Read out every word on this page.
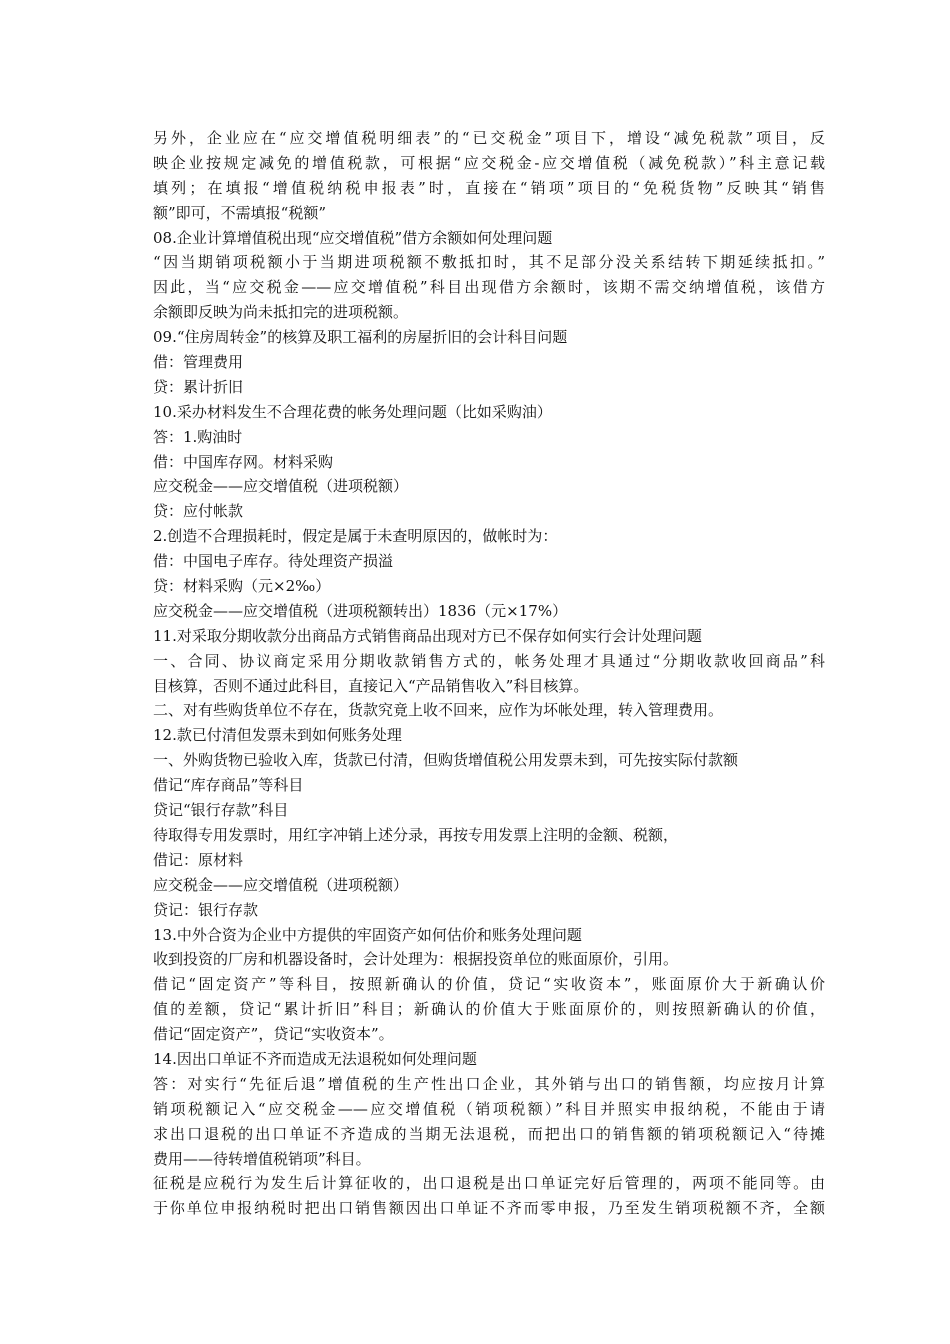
另外，企业应在“应交增值税明细表”的“已交税金”项目下，增设“减免税款”项目，反
映企业按规定减免的增值税款，可根据“应交税金-应交增值税（减免税款）”科主意记载
填列；在填报“增值税纳税申报表”时，直接在“销项”项目的“免税货物”反映其“销售
额”即可，不需填报“税额”
08.企业计算增值税出现“应交增值税”借方余额如何处理问题
“因当期销项税额小于当期进项税额不敷抵扣时，其不足部分没关系结转下期延续抵扣。”
因此，当“应交税金——应交增值税”科目出现借方余额时，该期不需交纳增值税，该借方
余额即反映为尚未抵扣完的进项税额。
09.“住房周转金”的核算及职工福利的房屋折旧的会计科目问题
借：管理费用
贷：累计折旧
10.采办材料发生不合理花费的帐务处理问题（比如采购油）
答：1.购油时
借：中国库存网。材料采购
应交税金——应交增值税（进项税额）
贷：应付帐款
2.创造不合理损耗时，假定是属于未查明原因的，做帐时为：
借：中国电子库存。待处理资产损溢
贷：材料采购（元×2‰）
应交税金——应交增值税（进项税额转出）1836（元×17%）
11.对采取分期收款分出商品方式销售商品出现对方已不保存如何实行会计处理问题
一、合同、协议商定采用分期收款销售方式的，帐务处理才具通过“分期收款收回商品”科
目核算，否则不通过此科目，直接记入“产品销售收入”科目核算。
二、对有些购货单位不存在，货款究竟上收不回来，应作为坏帐处理，转入管理费用。
12.款已付清但发票未到如何账务处理
一、外购货物已验收入库，货款已付清，但购货增值税公用发票未到，可先按实际付款额
借记“库存商品”等科目
贷记“银行存款”科目
待取得专用发票时，用红字冲销上述分录，再按专用发票上注明的金额、税额，
借记：原材料
应交税金——应交增值税（进项税额）
贷记：银行存款
13.中外合资为企业中方提供的牢固资产如何估价和账务处理问题
收到投资的厂房和机器设备时，会计处理为：根据投资单位的账面原价，引用。
借记“固定资产”等科目，按照新确认的价值，贷记“实收资本”，账面原价大于新确认价
值的差额，贷记“累计折旧”科目；新确认的价值大于账面原价的，则按照新确认的价值，
借记“固定资产”，贷记“实收资本”。
14.因出口单证不齐而造成无法退税如何处理问题
答：对实行“先征后退”增值税的生产性出口企业，其外销与出口的销售额，均应按月计算
销项税额记入“应交税金——应交增值税（销项税额）”科目并照实申报纳税，不能由于请
求出口退税的出口单证不齐造成的当期无法退税，而把出口的销售额的销项税额记入“待摊
费用——待转增值税销项”科目。
征税是应税行为发生后计算征收的，出口退税是出口单证完好后管理的，两项不能同等。由
于你单位申报纳税时把出口销售额因出口单证不齐而零申报，乃至发生销项税额不齐，全额
